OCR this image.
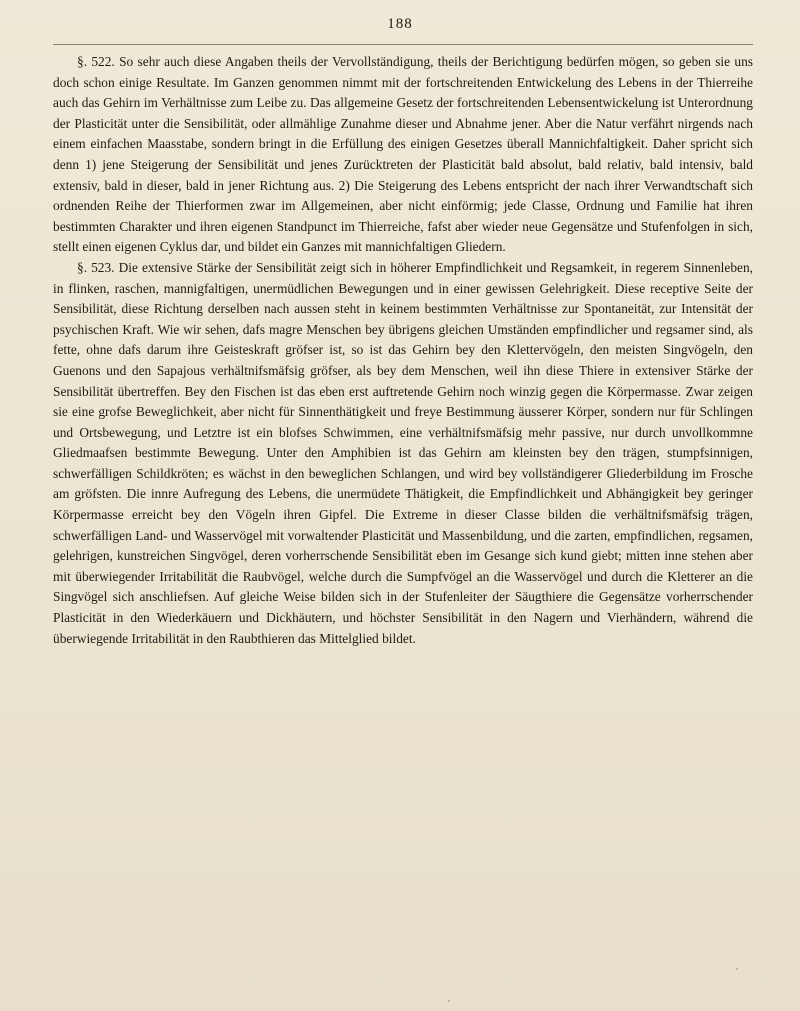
188

§. 522. So sehr auch diese Angaben theils der Vervollständigung, theils der Berichtigung bedürfen mögen, so geben sie uns doch schon einige Resultate. Im Ganzen genommen nimmt mit der fortschreitenden Entwickelung des Lebens in der Thierreihe auch das Gehirn im Verhältnisse zum Leibe zu. Das allgemeine Gesetz der fortschreitenden Lebensentwickelung ist Unterordnung der Plasticität unter die Sensibilität, oder allmählige Zunahme dieser und Abnahme jener. Aber die Natur verfährt nirgends nach einem einfachen Maasstabe, sondern bringt in die Erfüllung des einigen Gesetzes überall Mannichfaltigkeit. Daher spricht sich denn 1) jene Steigerung der Sensibilität und jenes Zurücktreten der Plasticität bald absolut, bald relativ, bald intensiv, bald extensiv, bald in dieser, bald in jener Richtung aus. 2) Die Steigerung des Lebens entspricht der nach ihrer Verwandtschaft sich ordnenden Reihe der Thierformen zwar im Allgemeinen, aber nicht einförmig; jede Classe, Ordnung und Familie hat ihren bestimmten Charakter und ihren eigenen Standpunct im Thierreiche, fafst aber wieder neue Gegensätze und Stufenfolgen in sich, stellt einen eigenen Cyklus dar, und bildet ein Ganzes mit mannichfaltigen Gliedern.

§. 523. Die extensive Stärke der Sensibilität zeigt sich in höherer Empfindlichkeit und Regsamkeit, in regerem Sinnenleben, in flinken, raschen, mannigfaltigen, unermüdlichen Bewegungen und in einer gewissen Gelehrigkeit. Diese receptive Seite der Sensibilität, diese Richtung derselben nach aussen steht in keinem bestimmten Verhältnisse zur Spontaneität, zur Intensität der psychischen Kraft. Wie wir sehen, dafs magre Menschen bey übrigens gleichen Umständen empfindlicher und regsamer sind, als fette, ohne dafs darum ihre Geisteskraft gröfser ist, so ist das Gehirn bey den Klettervögeln, den meisten Singvögeln, den Guenons und den Sapajous verhältnifsmäfsig gröfser, als bey dem Menschen, weil ihn diese Thiere in extensiver Stärke der Sensibilität übertreffen. Bey den Fischen ist das eben erst auftretende Gehirn noch winzig gegen die Körpermasse. Zwar zeigen sie eine grofse Beweglichkeit, aber nicht für Sinnenthätigkeit und freye Bestimmung äusserer Körper, sondern nur für Schlingen und Ortsbewegung, und Letztre ist ein blofses Schwimmen, eine verhältnifsmäfsig mehr passive, nur durch unvollkommne Gliedmaafsen bestimmte Bewegung. Unter den Amphibien ist das Gehirn am kleinsten bey den trägen, stumpfsinnigen, schwerfälligen Schildkröten; es wächst in den beweglichen Schlangen, und wird bey vollständigerer Gliederbildung im Frosche am gröfsten. Die innre Aufregung des Lebens, die unermüdete Thätigkeit, die Empfindlichkeit und Abhängigkeit bey geringer Körpermasse erreicht bey den Vögeln ihren Gipfel. Die Extreme in dieser Classe bilden die verhältnifsmäfsig trägen, schwerfälligen Land- und Wasservögel mit vorwaltender Plasticität und Massenbildung, und die zarten, empfindlichen, regsamen, gelehrigen, kunstreichen Singvögel, deren vorherrschende Sensibilität eben im Gesange sich kund giebt; mitten inne stehen aber mit überwiegender Irritabilität die Raubvögel, welche durch die Sumpfvögel an die Wasservögel und durch die Kletterer an die Singvögel sich anschliefsen. Auf gleiche Weise bilden sich in der Stufenleiter der Säugthiere die Gegensätze vorherrschender Plasticität in den Wiederkäuern und Dickhäutern, und höchster Sensibilität in den Nagern und Vierhändern, während die überwiegende Irritabilität in den Raubthieren das Mittelglied bildet.
